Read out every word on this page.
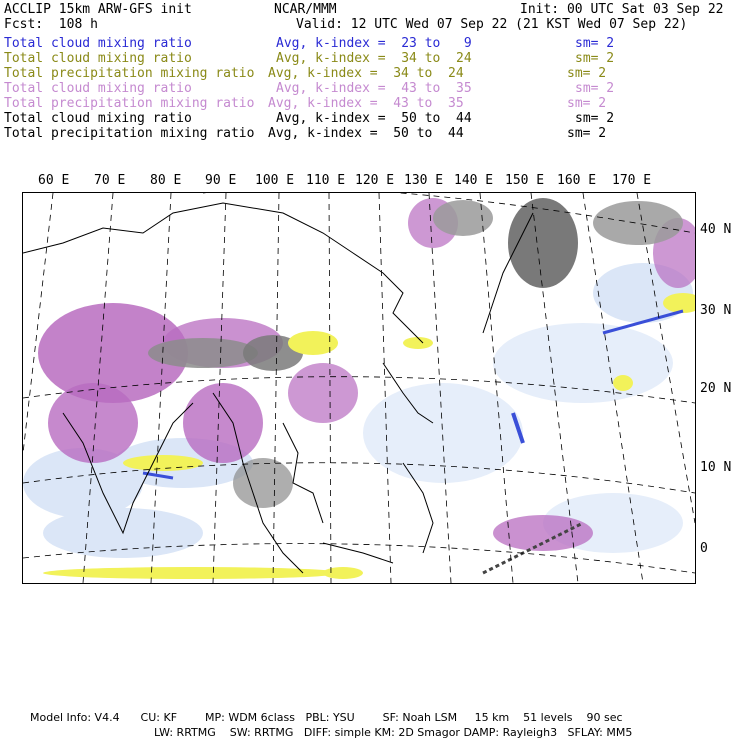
ACCLIP 15km ARW-GFS init	NCAR/MMM	Init: 00 UTC Sat 03 Sep 22
Fcst:  108 h	Valid: 12 UTC Wed 07 Sep 22 (21 KST Wed 07 Sep 22)
Total cloud mixing ratio	Avg, k-index =  23 to   9	sm= 2
Total cloud mixing ratio	Avg, k-index =  34 to  24	sm= 2
Total precipitation mixing ratio Avg, k-index =  34 to  24	sm= 2
Total cloud mixing ratio	Avg, k-index =  43 to  35	sm= 2
Total precipitation mixing ratio Avg, k-index =  43 to  35	sm= 2
Total cloud mixing ratio	Avg, k-index =  50 to  44	sm= 2
Total precipitation mixing ratio Avg, k-index =  50 to  44	sm= 2
60 E 70 E 80 E 90 E 100 E 110 E 120 E 130 E 140 E 150 E 160 E 170 E
40 N
30 N
20 N
10 N
0
Model Info: V4.4      CU: KF        MP: WDM 6class   PBL: YSU        SF: Noah LSM     15 km    51 levels    90 sec
LW: RRTMG    SW: RRTMG   DIFF: simple KM: 2D Smagor DAMP: Rayleigh3   SFLAY: MM5
